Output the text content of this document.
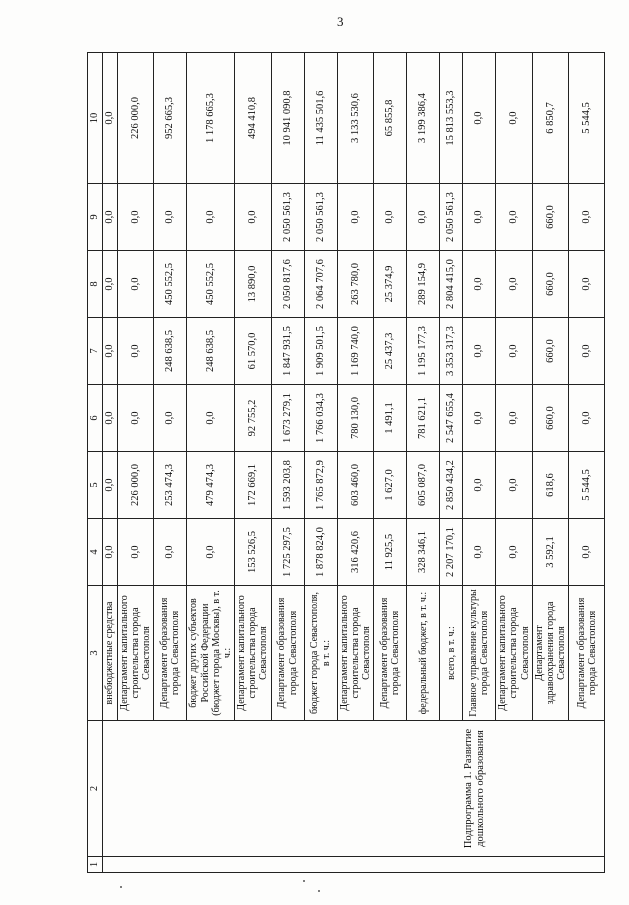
3
1	2	3	4	5	6	7	8	9	10
	Подпрограмма 1. Развитие дошкольного образования	внебюджетные средства	0,0	0,0	0,0	0,0	0,0	0,0	0,0
		Департамент капитального строительства города Севастополя	0,0	226 000,0	0,0	0,0	0,0	0,0	226 000,0
		Департамент образования города Севастополя	0,0	253 474,3	0,0	248 638,5	450 552,5	0,0	952 665,3
		бюджет других субъектов Российской Федерации (бюджет города Москвы), в т. ч.:	0,0	479 474,3	0,0	248 638,5	450 552,5	0,0	1 178 665,3
		Департамент капитального строительства города Севастополя	153 526,5	172 669,1	92 755,2	61 570,0	13 890,0	0,0	494 410,8
		Департамент образования города Севастополя	1 725 297,5	1 593 203,8	1 673 279,1	1 847 931,5	2 050 817,6	2 050 561,3	10 941 090,8
		бюджет города Севастополя, в т. ч.:	1 878 824,0	1 765 872,9	1 766 034,3	1 909 501,5	2 064 707,6	2 050 561,3	11 435 501,6
		Департамент капитального строительства города Севастополя	316 420,6	603 460,0	780 130,0	1 169 740,0	263 780,0	0,0	3 133 530,6
		Департамент образования города Севастополя	11 925,5	1 627,0	1 491,1	25 437,3	25 374,9	0,0	65 855,8
		федеральный бюджет, в т. ч.:	328 346,1	605 087,0	781 621,1	1 195 177,3	289 154,9	0,0	3 199 386,4
		всего, в т. ч.:	2 207 170,1	2 850 434,2	2 547 655,4	3 353 317,3	2 804 415,0	2 050 561,3	15 813 553,3
		Главное управление культуры города Севастополя	0,0	0,0	0,0	0,0	0,0	0,0	0,0
		Департамент капитального строительства города Севастополя	0,0	0,0	0,0	0,0	0,0	0,0	0,0
		Департамент здравоохранения города Севастополя	3 592,1	618,6	660,0	660,0	660,0	660,0	6 850,7
		Департамент образования города Севастополя	0,0	5 544,5	0,0	0,0	0,0	0,0	5 544,5
